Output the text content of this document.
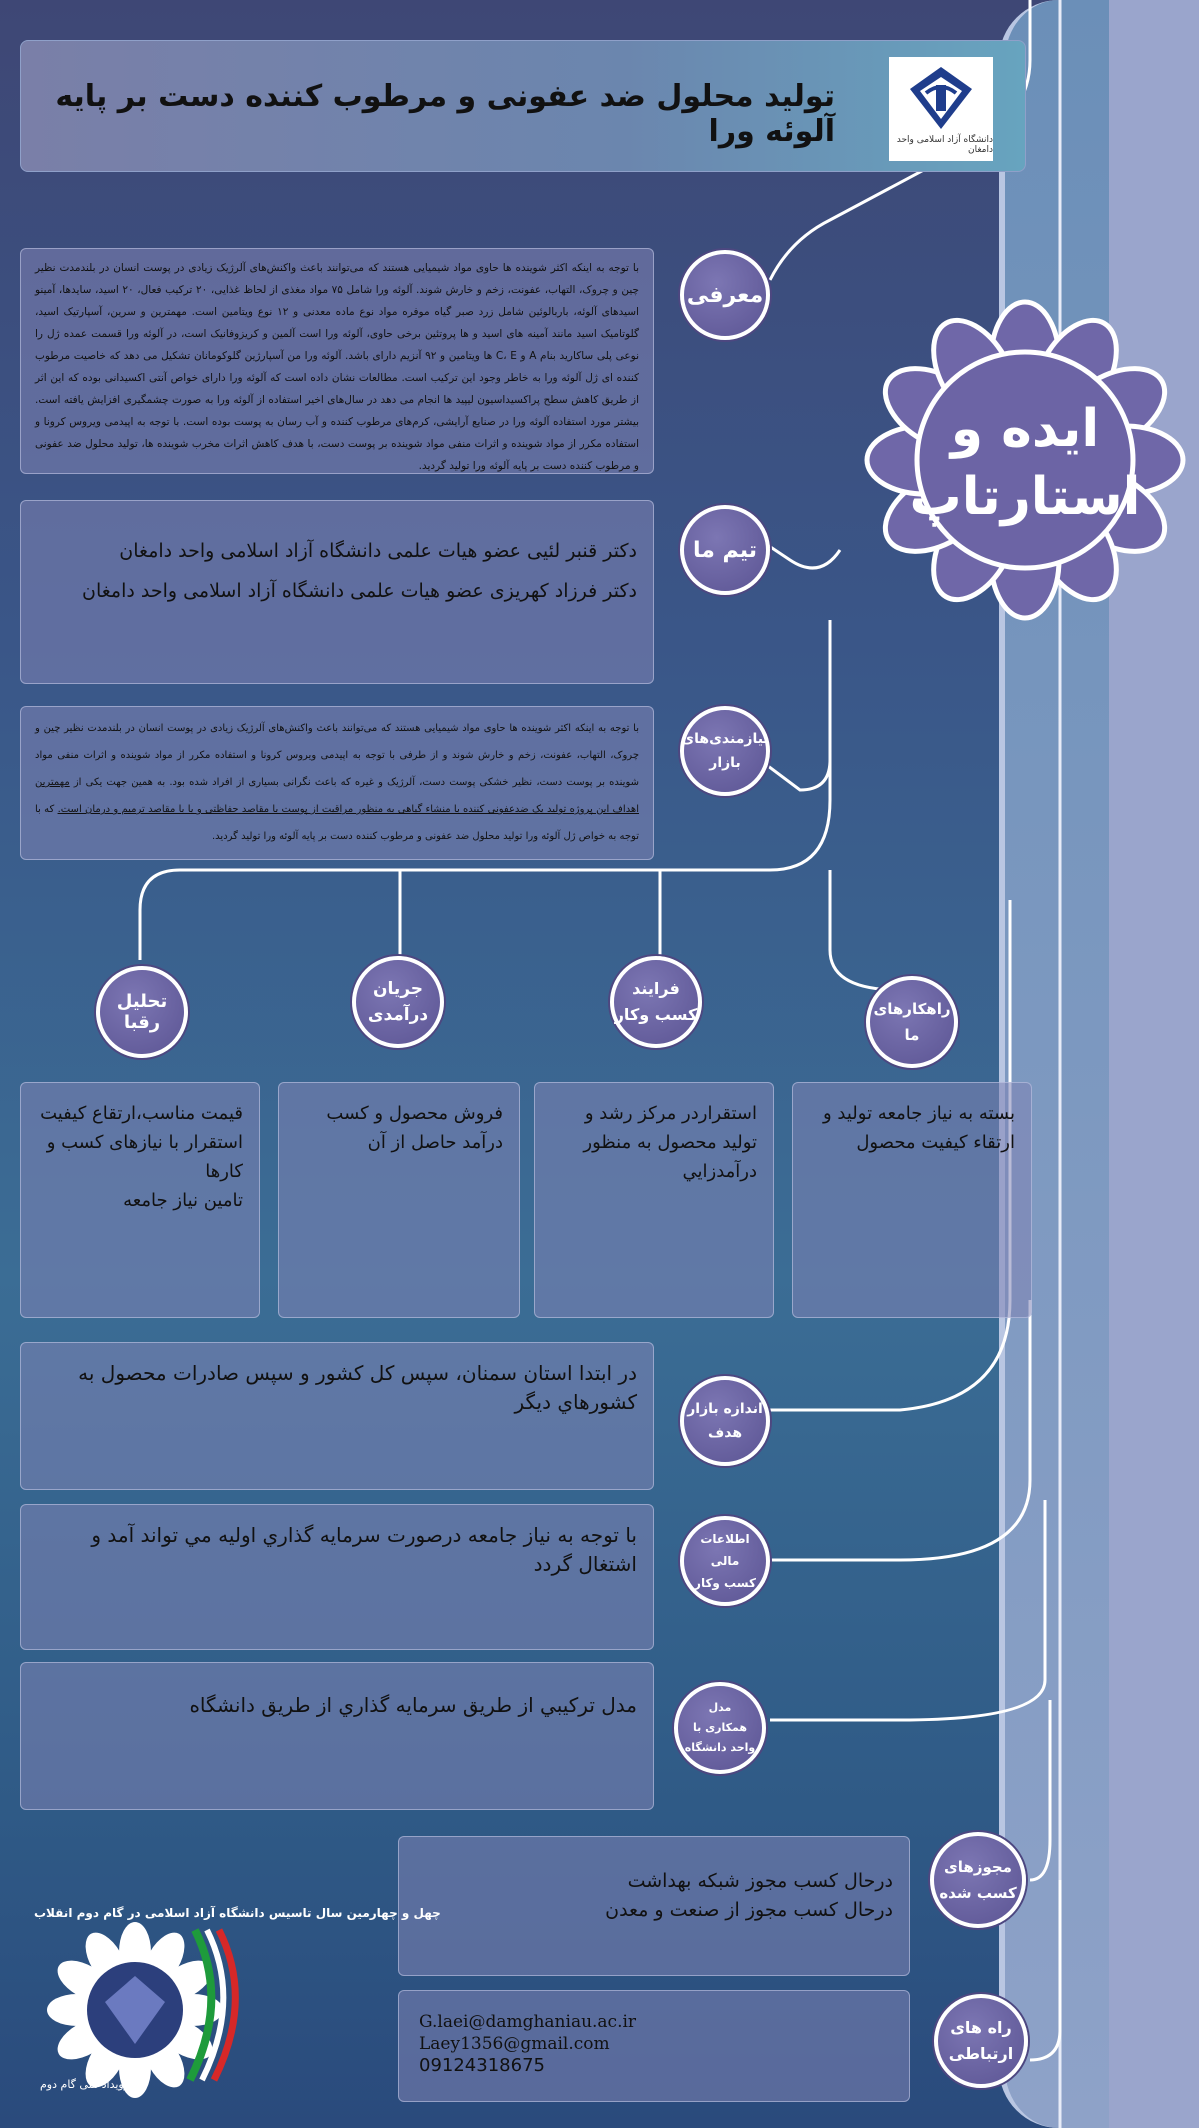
تولید محلول ضد عفونی و مرطوب کننده دست بر پایه آلوئه ورا	دانشگاه آزاد اسلامی واحد دامغان
ایده و
استارتاپ

با توجه به اینکه اکثر شوینده ها حاوی مواد شیمیایی هستند که می‌توانند باعث واکنش‌های آلرژیک زیادی در پوست انسان در بلندمدت نظیر چین و چروک، التهاب، عفونت، زخم و خارش شوند. آلوئه ورا شامل ۷۵ مواد مغذی از لحاظ غذایی، ۲۰ ترکیب فعال، ۲۰ اسید، سایدها، آمینو اسیدهای آلوئه، باربالوئین شامل زرد صبر گیاه موفره مواد نوع ماده معدنی و ۱۲ نوع ویتامین است. مهمترین و سرین، آسپارتیک اسید، گلوتامیک اسید مانند آمینه های اسید و ها پروتئین برخی حاوی، آلوئه ورا است آلمین و کریزوفانیک است، در آلوئه ورا قسمت عمده ژل را نوعی پلی ساکارید بنام A و C، E ها ویتامین و ۹۲ آنزیم دارای باشد. آلوئه ورا من آسپارژین گلوکومانان تشکیل می دهد که خاصیت مرطوب کننده ای ژل آلوئه ورا به خاطر وجود این ترکیب است. مطالعات نشان داده است که آلوئه ورا دارای خواص آنتی اکسیدانی بوده که این اثر از طریق کاهش سطح پراکسیداسیون لیپید ها انجام می دهد در سال‌های اخیر استفاده از آلوئه ورا به صورت چشمگیری افزایش یافته است. بیشتر مورد استفاده آلوئه ورا در صنایع آرایشی، کرم‌های مرطوب کننده و آب رسان به پوست بوده است. با توجه به اپیدمی ویروس کرونا و استفاده مکرر از مواد شوینده و اثرات منفی مواد شوینده بر پوست دست، با هدف کاهش اثرات مخرب شوینده ها، تولید محلول ضد عفونی و مرطوب کننده دست بر پایه آلوئه ورا تولید گردید.

معرفی

دکتر قنبر لئیی عضو هیات علمی دانشگاه آزاد اسلامی واحد دامغان

دکتر فرزاد کهریزی عضو هیات علمی دانشگاه آزاد اسلامی واحد دامغان

تیم ما

با توجه به اینکه اکثر شوینده ها حاوی مواد شیمیایی هستند که می‌توانند باعث واکنش‌های آلرژیک زیادی در پوست انسان در بلندمدت نظیر چین و چروک، التهاب، عفونت، زخم و خارش شوند و از طرفی با توجه به اپیدمی ویروس کرونا و استفاده مکرر از مواد شوینده و اثرات منفی مواد شوینده بر پوست دست، نظیر خشکی پوست دست، آلرژیک و غیره که باعث نگرانی بسیاری از افراد شده بود. به همین جهت یکی از مهمترین اهداف این پروژه تولید یک ضدعفونی کننده با منشاء گیاهی به منظور مراقبت از پوست با مقاصد حفاظتی و یا با مقاصد ترمیم و درمان است. که با توجه به خواص ژل آلوئه ورا تولید محلول ضد عفونی و مرطوب کننده دست بر پایه آلوئه ورا تولید گردید.

نیازمندی‌های
بازار
تحلیل رقبا
جریان
درآمدی
فرایند
کسب وکار	راهکارهای
ما

قیمت مناسب،ارتقاع کیفیت

استقرار با نیازهای کسب و کارها

تامین نیاز جامعه

فروش محصول و کسب درآمد حاصل از آن

استقراردر مرکز رشد و تولید محصول به منظور درآمدزايي

بسته به نیاز جامعه تولید و ارتقاء کیفیت محصول

در ابتدا استان سمنان، سپس کل کشور و سپس صادرات محصول به کشورهاي ديگر	اندازه بازار
هدف

با توجه به نياز جامعه درصورت سرمايه گذاري اوليه مي تواند آمد و اشتغال گردد

اطلاعات مالی
کسب وکار

مدل تركيبي از طريق سرمايه گذاري از طريق دانشگاه	مدل
همکاری با
واحد دانشگاه

درحال کسب مجوز شبکه بهداشت

درحال کسب مجوز از صنعت و معدن

مجوزهای
کسب شده

G.laei@damghaniau.ac.ir

Laey1356@gmail.com

09124318675

راه های
ارتباطی
چهل و چهارمین سال تاسیس دانشگاه آزاد اسلامی در گام دوم انقلاب
رویداد ملی گام دوم
